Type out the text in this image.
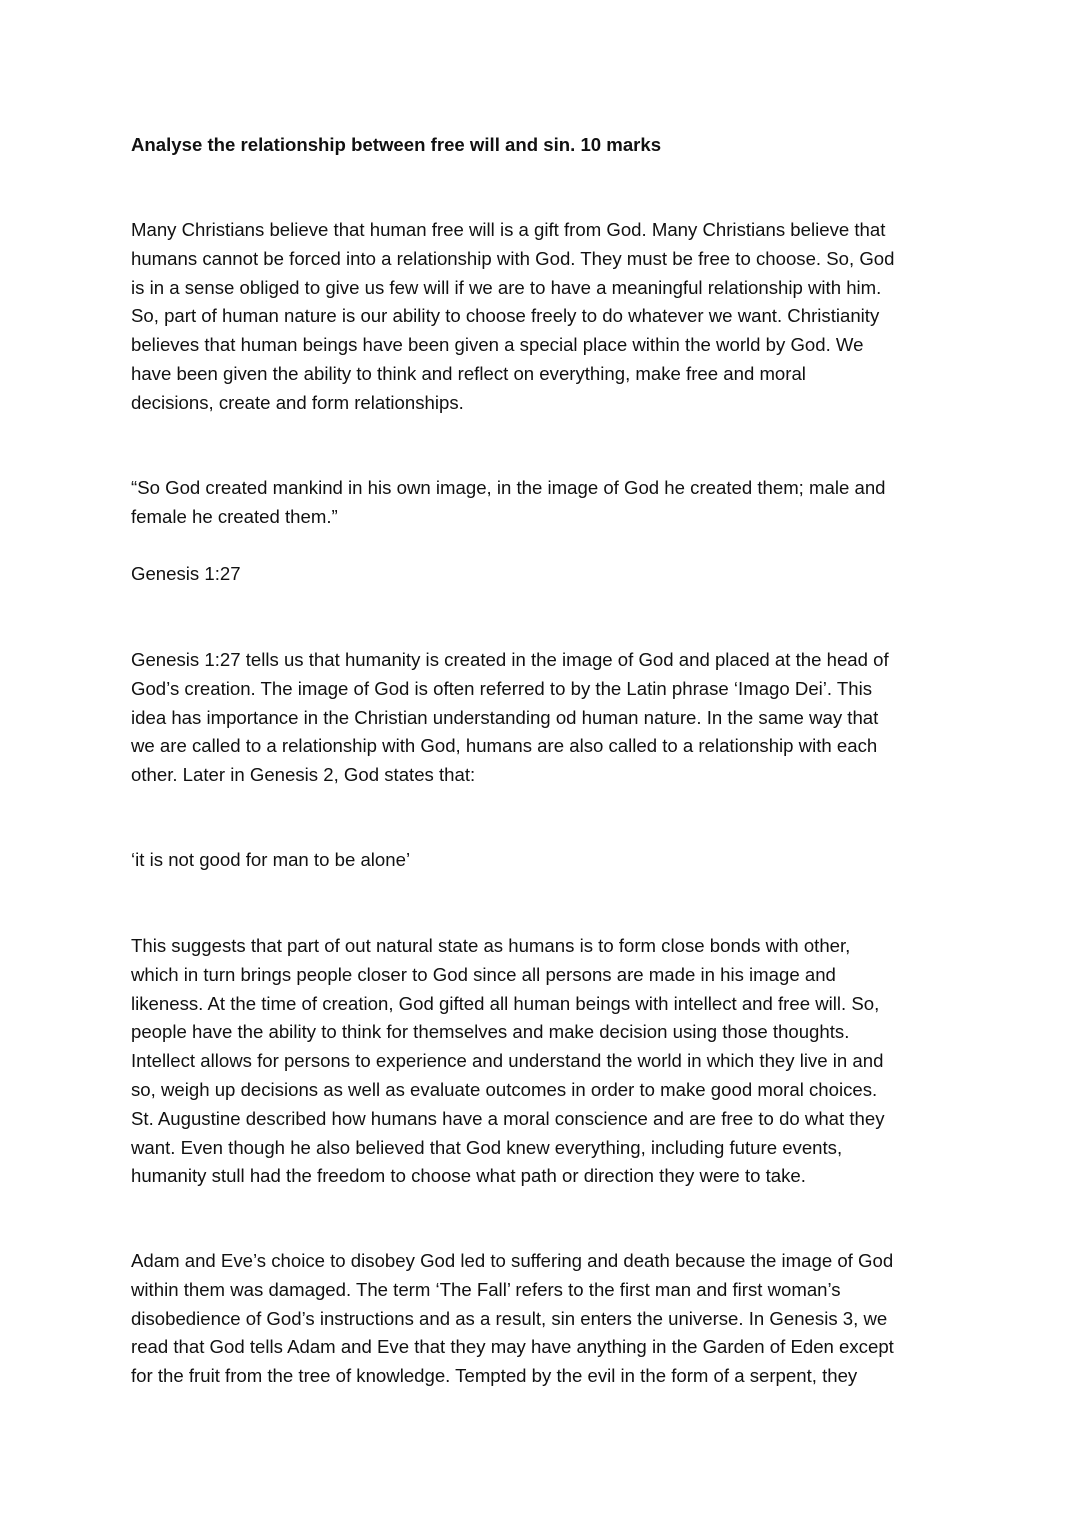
Analyse the relationship between free will and sin. 10 marks
Many Christians believe that human free will is a gift from God. Many Christians believe that
humans cannot be forced into a relationship with God. They must be free to choose. So, God
is in a sense obliged to give us few will if we are to have a meaningful relationship with him.
So, part of human nature is our ability to choose freely to do whatever we want. Christianity
believes that human beings have been given a special place within the world by God. We
have been given the ability to think and reflect on everything, make free and moral
decisions, create and form relationships.
“So God created mankind in his own image, in the image of God he created them; male and
female he created them.”
Genesis 1:27
Genesis 1:27 tells us that humanity is created in the image of God and placed at the head of
God’s creation. The image of God is often referred to by the Latin phrase ‘Imago Dei’. This
idea has importance in the Christian understanding od human nature. In the same way that
we are called to a relationship with God, humans are also called to a relationship with each
other. Later in Genesis 2, God states that:
‘it is not good for man to be alone’
This suggests that part of out natural state as humans is to form close bonds with other,
which in turn brings people closer to God since all persons are made in his image and
likeness. At the time of creation, God gifted all human beings with intellect and free will. So,
people have the ability to think for themselves and make decision using those thoughts.
Intellect allows for persons to experience and understand the world in which they live in and
so, weigh up decisions as well as evaluate outcomes in order to make good moral choices.
St. Augustine described how humans have a moral conscience and are free to do what they
want. Even though he also believed that God knew everything, including future events,
humanity stull had the freedom to choose what path or direction they were to take.
Adam and Eve’s choice to disobey God led to suffering and death because the image of God
within them was damaged. The term ‘The Fall’ refers to the first man and first woman’s
disobedience of God’s instructions and as a result, sin enters the universe. In Genesis 3, we
read that God tells Adam and Eve that they may have anything in the Garden of Eden except
for the fruit from the tree of knowledge. Tempted by the evil in the form of a serpent, they
